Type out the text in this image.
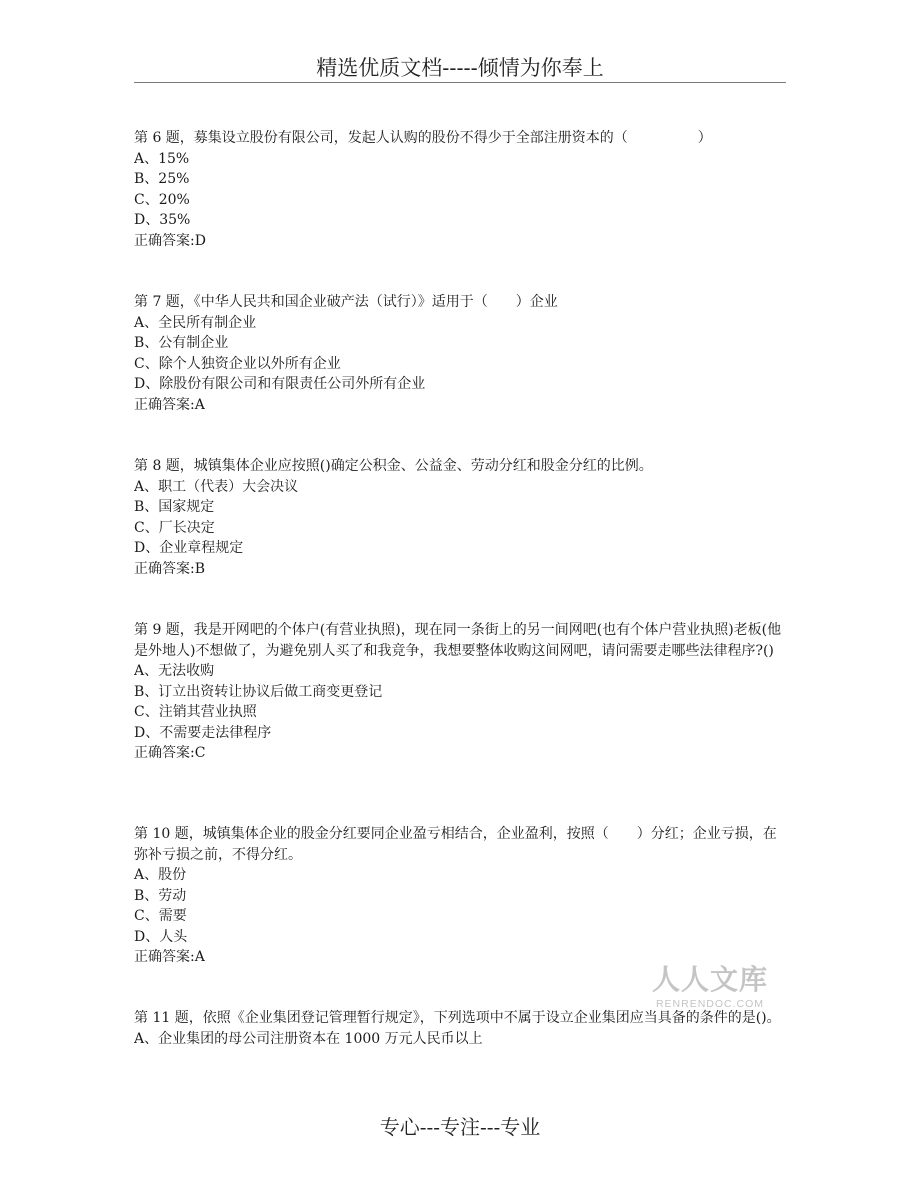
精选优质文档-----倾情为你奉上
第 6 题，募集设立股份有限公司，发起人认购的股份不得少于全部注册资本的（　　　　　）
A、15%
B、25%
C、20%
D、35%
正确答案:D
第 7 题，《中华人民共和国企业破产法（试行）》适用于（　　）企业
A、全民所有制企业
B、公有制企业
C、除个人独资企业以外所有企业
D、除股份有限公司和有限责任公司外所有企业
正确答案:A
第 8 题，城镇集体企业应按照()确定公积金、公益金、劳动分红和股金分红的比例。
A、职工（代表）大会决议
B、国家规定
C、厂长决定
D、企业章程规定
正确答案:B
第 9 题，我是开网吧的个体户(有营业执照)，现在同一条街上的另一间网吧(也有个体户营业执照)老板(他是外地人)不想做了，为避免别人买了和我竞争，我想要整体收购这间网吧，请问需要走哪些法律程序?()
A、无法收购
B、订立出资转让协议后做工商变更登记
C、注销其营业执照
D、不需要走法律程序
正确答案:C
第 10 题，城镇集体企业的股金分红要同企业盈亏相结合，企业盈利，按照（　　）分红；企业亏损，在弥补亏损之前，不得分红。
A、股份
B、劳动
C、需要
D、人头
正确答案:A
第 11 题，依照《企业集团登记管理暂行规定》，下列选项中不属于设立企业集团应当具备的条件的是()。
A、企业集团的母公司注册资本在 1000 万元人民币以上
人人文库
RENRENDOC.COM
专心---专注---专业
